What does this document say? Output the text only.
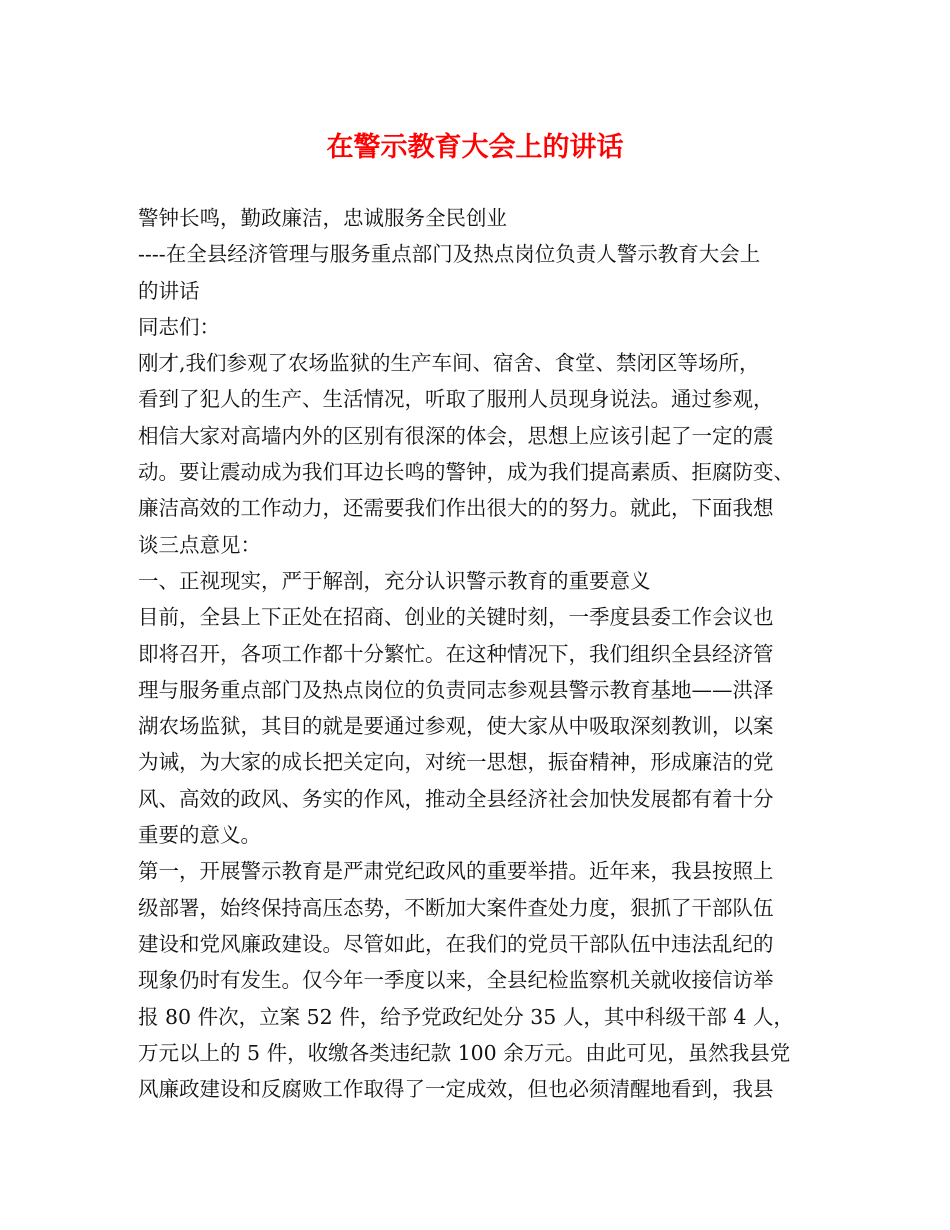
在警示教育大会上的讲话
警钟长鸣，勤政廉洁，忠诚服务全民创业
----在全县经济管理与服务重点部门及热点岗位负责人警示教育大会上
的讲话
同志们：
刚才,我们参观了农场监狱的生产车间、宿舍、食堂、禁闭区等场所，
看到了犯人的生产、生活情况，听取了服刑人员现身说法。通过参观，
相信大家对高墙内外的区别有很深的体会，思想上应该引起了一定的震
动。要让震动成为我们耳边长鸣的警钟，成为我们提高素质、拒腐防变、
廉洁高效的工作动力，还需要我们作出很大的的努力。就此，下面我想
谈三点意见：
一、正视现实，严于解剖，充分认识警示教育的重要意义
目前，全县上下正处在招商、创业的关键时刻，一季度县委工作会议也
即将召开，各项工作都十分繁忙。在这种情况下，我们组织全县经济管
理与服务重点部门及热点岗位的负责同志参观县警示教育基地——洪泽
湖农场监狱，其目的就是要通过参观，使大家从中吸取深刻教训，以案
为诫，为大家的成长把关定向，对统一思想，振奋精神，形成廉洁的党
风、高效的政风、务实的作风，推动全县经济社会加快发展都有着十分
重要的意义。
第一，开展警示教育是严肃党纪政风的重要举措。近年来，我县按照上
级部署，始终保持高压态势，不断加大案件查处力度，狠抓了干部队伍
建设和党风廉政建设。尽管如此，在我们的党员干部队伍中违法乱纪的
现象仍时有发生。仅今年一季度以来，全县纪检监察机关就收接信访举
报 80 件次，立案 52 件，给予党政纪处分 35 人，其中科级干部 4 人，
万元以上的 5 件，收缴各类违纪款 100 余万元。由此可见，虽然我县党
风廉政建设和反腐败工作取得了一定成效，但也必须清醒地看到，我县
